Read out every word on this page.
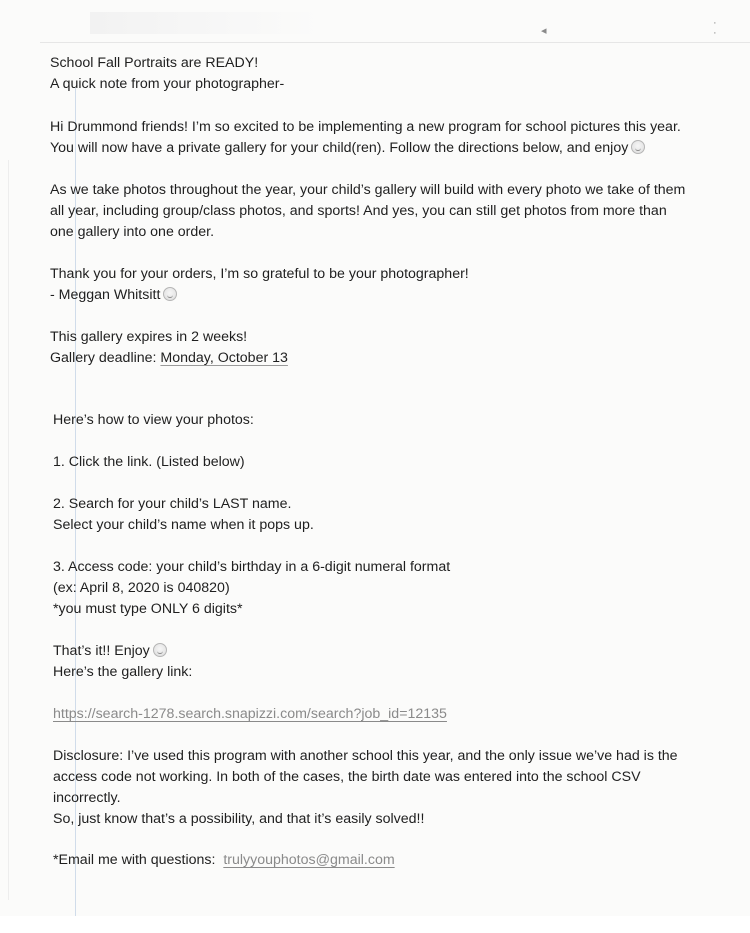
◂
·
·

School Fall Portraits are READY!

A quick note from your photographer-

Hi Drummond friends! I’m so excited to be implementing a new program for school pictures this year.

You will now have a private gallery for your child(ren). Follow the directions below, and enjoy

As we take photos throughout the year, your child’s gallery will build with every photo we take of them

all year, including group/class photos, and sports! And yes, you can still get photos from more than

one gallery into one order.

Thank you for your orders, I’m so grateful to be your photographer!

- Meggan Whitsitt

This gallery expires in 2 weeks!

Gallery deadline: Monday, October 13

Here’s how to view your photos:

1. Click the link. (Listed below)

2. Search for your child’s LAST name.

Select your child’s name when it pops up.

3. Access code: your child’s birthday in a 6-digit numeral format

(ex: April 8, 2020 is 040820)

*you must type ONLY 6 digits*

That’s it!! Enjoy

Here’s the gallery link:

https://search-1278.search.snapizzi.com/search?job_id=12135

Disclosure: I’ve used this program with another school this year, and the only issue we’ve had is the

access code not working. In both of the cases, the birth date was entered into the school CSV

incorrectly.

So, just know that’s a possibility, and that it’s easily solved!!

*Email me with questions: trulyyouphotos@gmail.com
